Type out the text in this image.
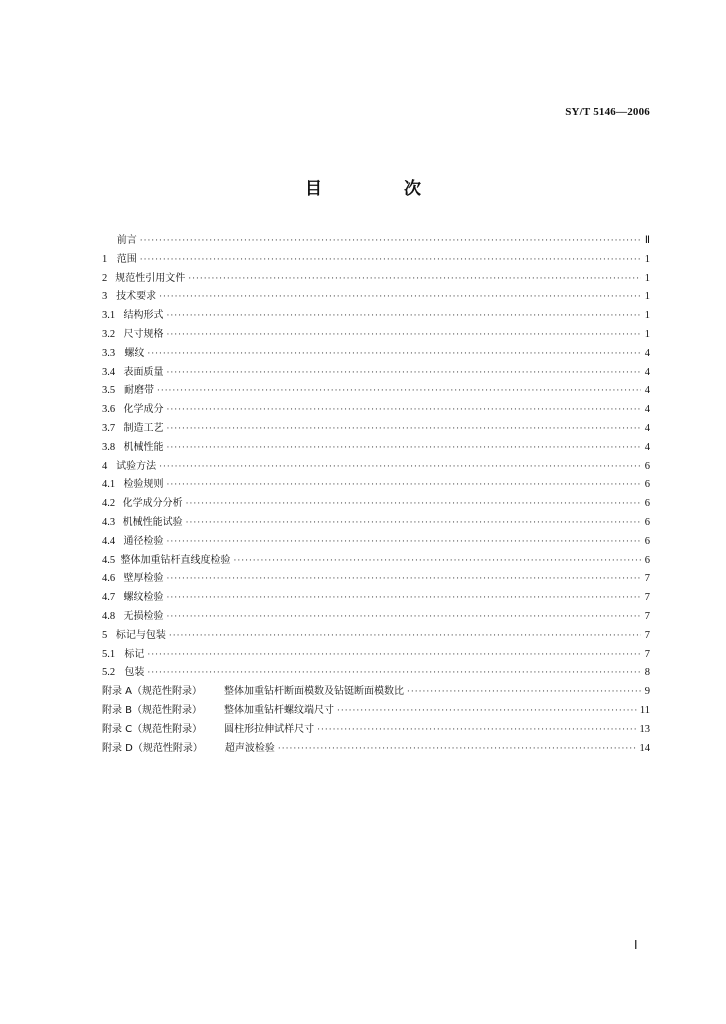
SY/T 5146—2006
目 次
前言 ·····	Ⅱ
1 范围 ·····	1
2 规范性引用文件 ·····	1
3 技术要求 ·····	1
3.1 结构形式 ·····	1
3.2 尺寸规格 ·····	1
3.3 螺纹 ·····	4
3.4 表面质量 ·····	4
3.5 耐磨带 ·····	4
3.6 化学成分 ·····	4
3.7 制造工艺 ·····	4
3.8 机械性能 ·····	4
4 试验方法 ·····	6
4.1 检验规则 ·····	6
4.2 化学成分分析 ·····	6
4.3 机械性能试验 ·····	6
4.4 通径检验 ·····	6
4.5 整体加重钻杆直线度检验 ·····	6
4.6 壁厚检验 ·····	7
4.7 螺纹检验 ·····	7
4.8 无损检验 ·····	7
5 标记与包装 ·····	7
5.1 标记 ·····	7
5.2 包装 ·····	8
附录 A（规范性附录） 整体加重钻杆断面模数及钻铤断面模数比 ·····	9
附录 B（规范性附录） 整体加重钻杆螺纹端尺寸 ·····	11
附录 C（规范性附录） 圆柱形拉伸试样尺寸 ·····	13
附录 D（规范性附录） 超声波检验 ·····	14
Ⅰ
